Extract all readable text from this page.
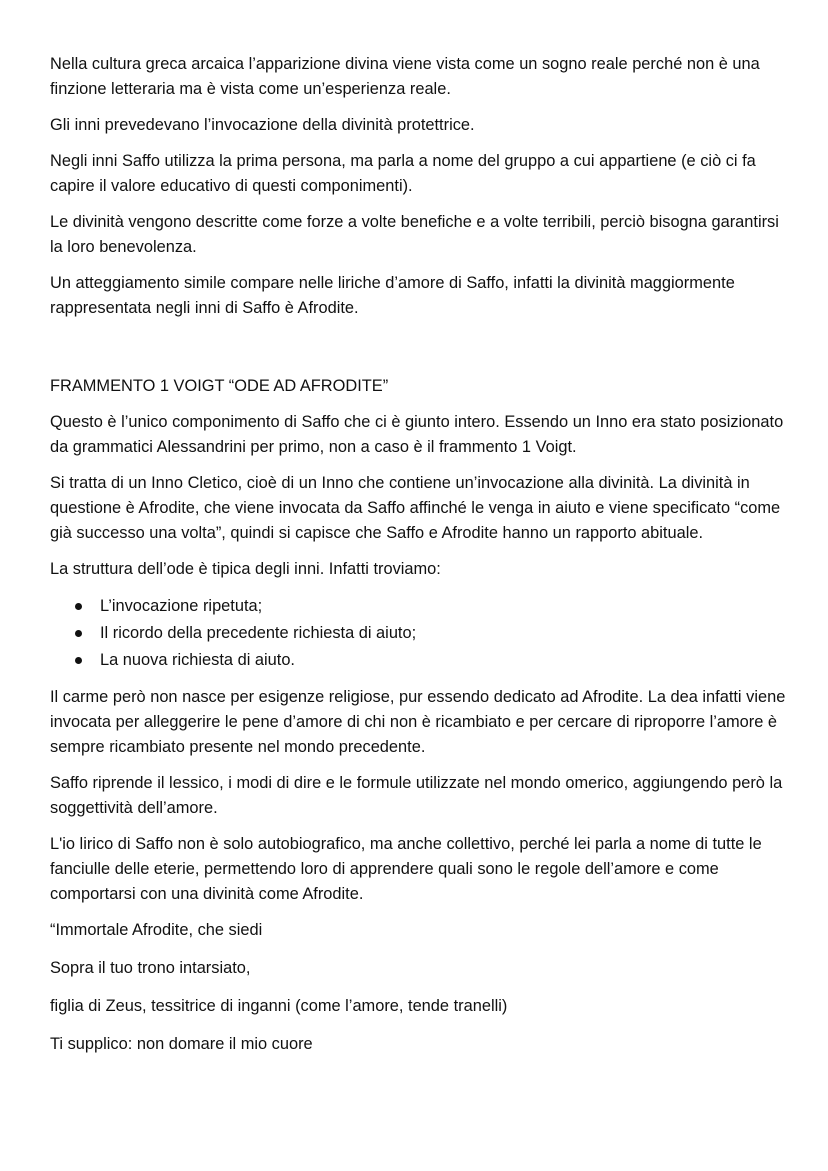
Nella cultura greca arcaica l’apparizione divina viene vista come un sogno reale perché non è una finzione letteraria ma è vista come un’esperienza reale.

Gli inni prevedevano l’invocazione della divinità protettrice.

Negli inni Saffo utilizza la prima persona, ma parla a nome del gruppo a cui appartiene (e ciò ci fa capire il valore educativo di questi componimenti).

Le divinità vengono descritte come forze a volte benefiche e a volte terribili, perciò bisogna garantirsi la loro benevolenza.

Un atteggiamento simile compare nelle liriche d’amore di Saffo, infatti la divinità maggiormente rappresentata negli inni di Saffo è Afrodite.

FRAMMENTO 1 VOIGT “ODE AD AFRODITE”

Questo è l’unico componimento di Saffo che ci è giunto intero. Essendo un Inno era stato posizionato da grammatici Alessandrini per primo, non a caso è il frammento 1 Voigt.

Si tratta di un Inno Cletico, cioè di un Inno che contiene un’invocazione alla divinità. La divinità in questione è Afrodite, che viene invocata da Saffo affinché le venga in aiuto e viene specificato “come già successo una volta”, quindi si capisce che Saffo e Afrodite hanno un rapporto abituale.

La struttura dell’ode è tipica degli inni. Infatti troviamo:

L’invocazione ripetuta;
Il ricordo della precedente richiesta di aiuto;
La nuova richiesta di aiuto.

Il carme però non nasce per esigenze religiose, pur essendo dedicato ad Afrodite. La dea infatti viene invocata per alleggerire le pene d’amore di chi non è ricambiato e per cercare di riproporre l’amore è sempre ricambiato presente nel mondo precedente.

Saffo riprende il lessico, i modi di dire e le formule utilizzate nel mondo omerico, aggiungendo però la soggettività dell’amore.

L'io lirico di Saffo non è solo autobiografico, ma anche collettivo, perché lei parla a nome di tutte le fanciulle delle eterie, permettendo loro di apprendere quali sono le regole dell’amore e come comportarsi con una divinità come Afrodite.

“Immortale Afrodite, che siedi

Sopra il tuo trono intarsiato,

figlia di Zeus, tessitrice di inganni (come l’amore, tende tranelli)

Ti supplico: non domare il mio cuore
